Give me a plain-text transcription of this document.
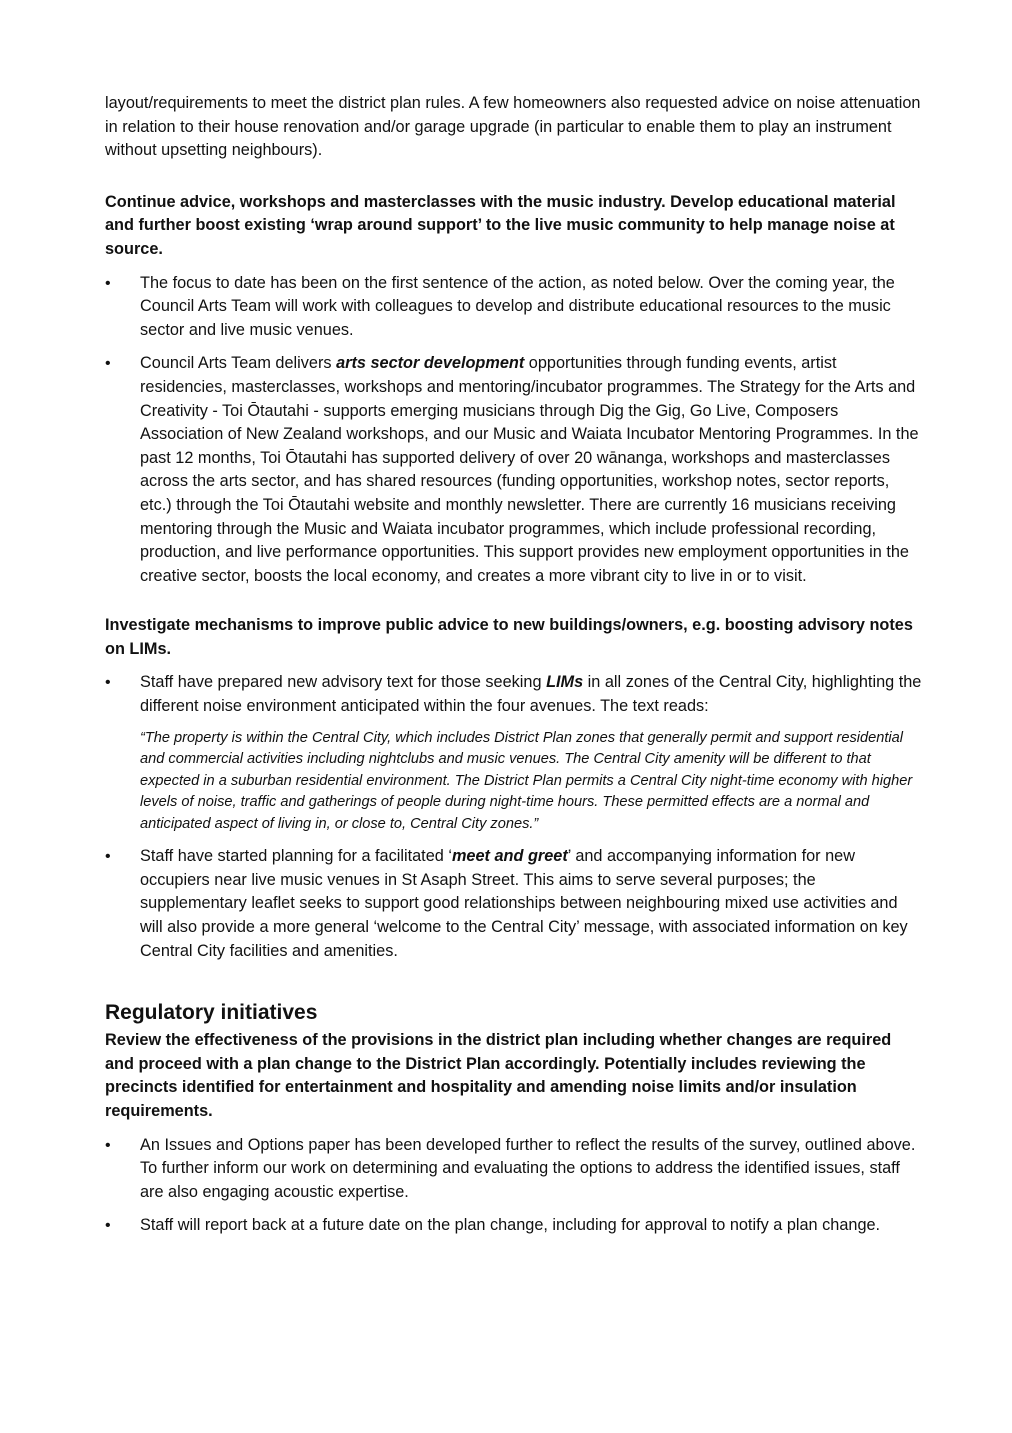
layout/requirements to meet the district plan rules. A few homeowners also requested advice on noise attenuation in relation to their house renovation and/or garage upgrade (in particular to enable them to play an instrument without upsetting neighbours).

Continue advice, workshops and masterclasses with the music industry. Develop educational material and further boost existing ‘wrap around support’ to the live music community to help manage noise at source.

• The focus to date has been on the first sentence of the action, as noted below. Over the coming year, the Council Arts Team will work with colleagues to develop and distribute educational resources to the music sector and live music venues.
• Council Arts Team delivers arts sector development opportunities through funding events, artist residencies, masterclasses, workshops and mentoring/incubator programmes. The Strategy for the Arts and Creativity - Toi Ōtautahi - supports emerging musicians through Dig the Gig, Go Live, Composers Association of New Zealand workshops, and our Music and Waiata Incubator Mentoring Programmes. In the past 12 months, Toi Ōtautahi has supported delivery of over 20 wānanga, workshops and masterclasses across the arts sector, and has shared resources (funding opportunities, workshop notes, sector reports, etc.) through the Toi Ōtautahi website and monthly newsletter. There are currently 16 musicians receiving mentoring through the Music and Waiata incubator programmes, which include professional recording, production, and live performance opportunities. This support provides new employment opportunities in the creative sector, boosts the local economy, and creates a more vibrant city to live in or to visit.

Investigate mechanisms to improve public advice to new buildings/owners, e.g. boosting advisory notes on LIMs.

• Staff have prepared new advisory text for those seeking LIMs in all zones of the Central City, highlighting the different noise environment anticipated within the four avenues. The text reads:

“The property is within the Central City, which includes District Plan zones that generally permit and support residential and commercial activities including nightclubs and music venues. The Central City amenity will be different to that expected in a suburban residential environment. The District Plan permits a Central City night-time economy with higher levels of noise, traffic and gatherings of people during night-time hours. These permitted effects are a normal and anticipated aspect of living in, or close to, Central City zones.”

• Staff have started planning for a facilitated ‘meet and greet’ and accompanying information for new occupiers near live music venues in St Asaph Street. This aims to serve several purposes; the supplementary leaflet seeks to support good relationships between neighbouring mixed use activities and will also provide a more general ‘welcome to the Central City’ message, with associated information on key Central City facilities and amenities.
Regulatory initiatives

Review the effectiveness of the provisions in the district plan including whether changes are required and proceed with a plan change to the District Plan accordingly. Potentially includes reviewing the precincts identified for entertainment and hospitality and amending noise limits and/or insulation requirements.

• An Issues and Options paper has been developed further to reflect the results of the survey, outlined above. To further inform our work on determining and evaluating the options to address the identified issues, staff are also engaging acoustic expertise.
• Staff will report back at a future date on the plan change, including for approval to notify a plan change.
